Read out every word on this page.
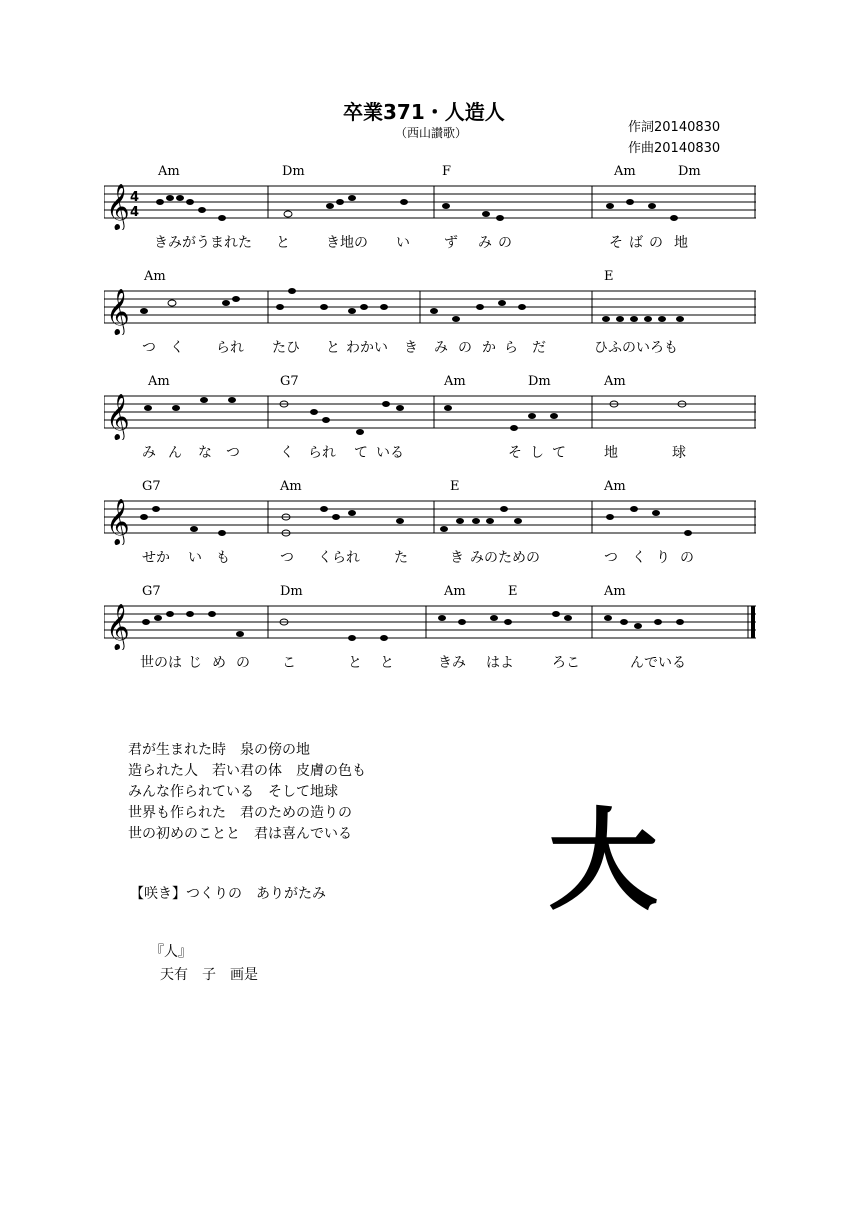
卒業371・人造人
（西山讃歌）	作詞20140830
作曲20140830
Am	Dm	F	Am	Dm
𝄞 4
4
きみがうまれた と	き地の い ず み の	そ ば の 地
Am	E
𝄞
つ く られ たひ と わかい き み の か ら だ	ひふのいろも
Am	G7	Am	Dm	Am
𝄞
み ん な つ	く られ て いる	そ し て	地	球
G7	Am	E	Am
𝄞
せか い も	つ くられ た	き みのための	つ く り の
G7	Dm	Am	E	Am
𝄞
世のは じ め の こ	と と	きみ はよ	ろこ	んでいる
君が生まれた時　泉の傍の地
造られた人　若い君の体　皮膚の色も
みんな作られている　そして地球
世界も作られた　君のための造りの
世の初めのことと　君は喜んでいる 大
【咲き】つくりの　ありがたみ
『人』
天有　子　画是
